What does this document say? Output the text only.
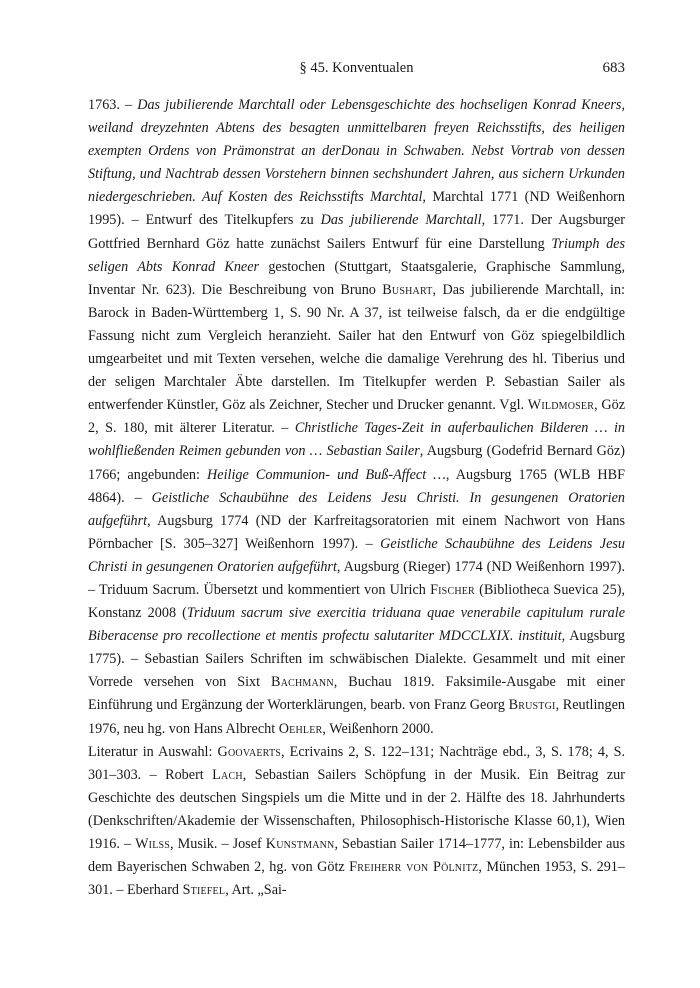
§ 45. Konventualen	683

1763. – Das jubilierende Marchtall oder Lebensgeschichte des hochseligen Konrad Kneers, weiland dreyzehnten Abtens des besagten unmittelbaren freyen Reichsstifts, des heiligen exempten Ordens von Prämonstrat an derDonau in Schwaben. Nebst Vortrab von dessen Stiftung, und Nachtrab dessen Vorstehern binnen sechshundert Jahren, aus sichern Urkunden niedergeschrieben. Auf Kosten des Reichsstifts Marchtal, Marchtal 1771 (ND Weißenhorn 1995). – Entwurf des Titelkupfers zu Das jubilierende Marchtall, 1771. Der Augsburger Gottfried Bernhard Göz hatte zunächst Sailers Entwurf für eine Darstellung Triumph des seligen Abts Konrad Kneer gestochen (Stuttgart, Staatsgalerie, Graphische Sammlung, Inventar Nr. 623). Die Beschreibung von Bruno Bushart, Das jubilierende Marchtall, in: Barock in Baden-Württemberg 1, S. 90 Nr. A 37, ist teilweise falsch, da er die endgültige Fassung nicht zum Vergleich heranzieht. Sailer hat den Entwurf von Göz spiegelbildlich umgearbeitet und mit Texten versehen, welche die damalige Verehrung des hl. Tiberius und der seligen Marchtaler Äbte darstellen. Im Titelkupfer werden P. Sebastian Sailer als entwerfender Künstler, Göz als Zeichner, Stecher und Drucker genannt. Vgl. Wildmoser, Göz 2, S. 180, mit älterer Literatur. – Christliche Tages-Zeit in auferbaulichen Bilderen … in wohlfließenden Reimen gebunden von … Sebastian Sailer, Augsburg (Godefrid Bernard Göz) 1766; angebunden: Heilige Communion- und Buß-Affect …, Augsburg 1765 (WLB HBF 4864). – Geistliche Schaubühne des Leidens Jesu Christi. In gesungenen Oratorien aufgeführt, Augsburg 1774 (ND der Karfreitagsoratorien mit einem Nachwort von Hans Pörnbacher [S. 305–327] Weißenhorn 1997). – Geistliche Schaubühne des Leidens Jesu Christi in gesungenen Oratorien aufgeführt, Augsburg (Rieger) 1774 (ND Weißenhorn 1997). – Triduum Sacrum. Übersetzt und kommentiert von Ulrich Fischer (Bibliotheca Suevica 25), Konstanz 2008 (Triduum sacrum sive exercitia triduana quae venerabile capitulum rurale Biberacense pro recollectione et mentis profectu salutariter MDCCLXIX. instituit, Augsburg 1775). – Sebastian Sailers Schriften im schwäbischen Dialekte. Gesammelt und mit einer Vorrede versehen von Sixt Bachmann, Buchau 1819. Faksimile-Ausgabe mit einer Einführung und Ergänzung der Worterklärungen, bearb. von Franz Georg Brustgi, Reutlingen 1976, neu hg. von Hans Albrecht Oehler, Weißenhorn 2000.

Literatur in Auswahl: Goovaerts, Ecrivains 2, S. 122–131; Nachträge ebd., 3, S. 178; 4, S. 301–303. – Robert Lach, Sebastian Sailers Schöpfung in der Musik. Ein Beitrag zur Geschichte des deutschen Singspiels um die Mitte und in der 2. Hälfte des 18. Jahrhunderts (Denkschriften/Akademie der Wissenschaften, Philosophisch-Historische Klasse 60,1), Wien 1916. – Wilss, Musik. – Josef Kunstmann, Sebastian Sailer 1714–1777, in: Lebensbilder aus dem Bayerischen Schwaben 2, hg. von Götz Freiherr von Pölnitz, München 1953, S. 291–301. – Eberhard Stiefel, Art. „Sai-
